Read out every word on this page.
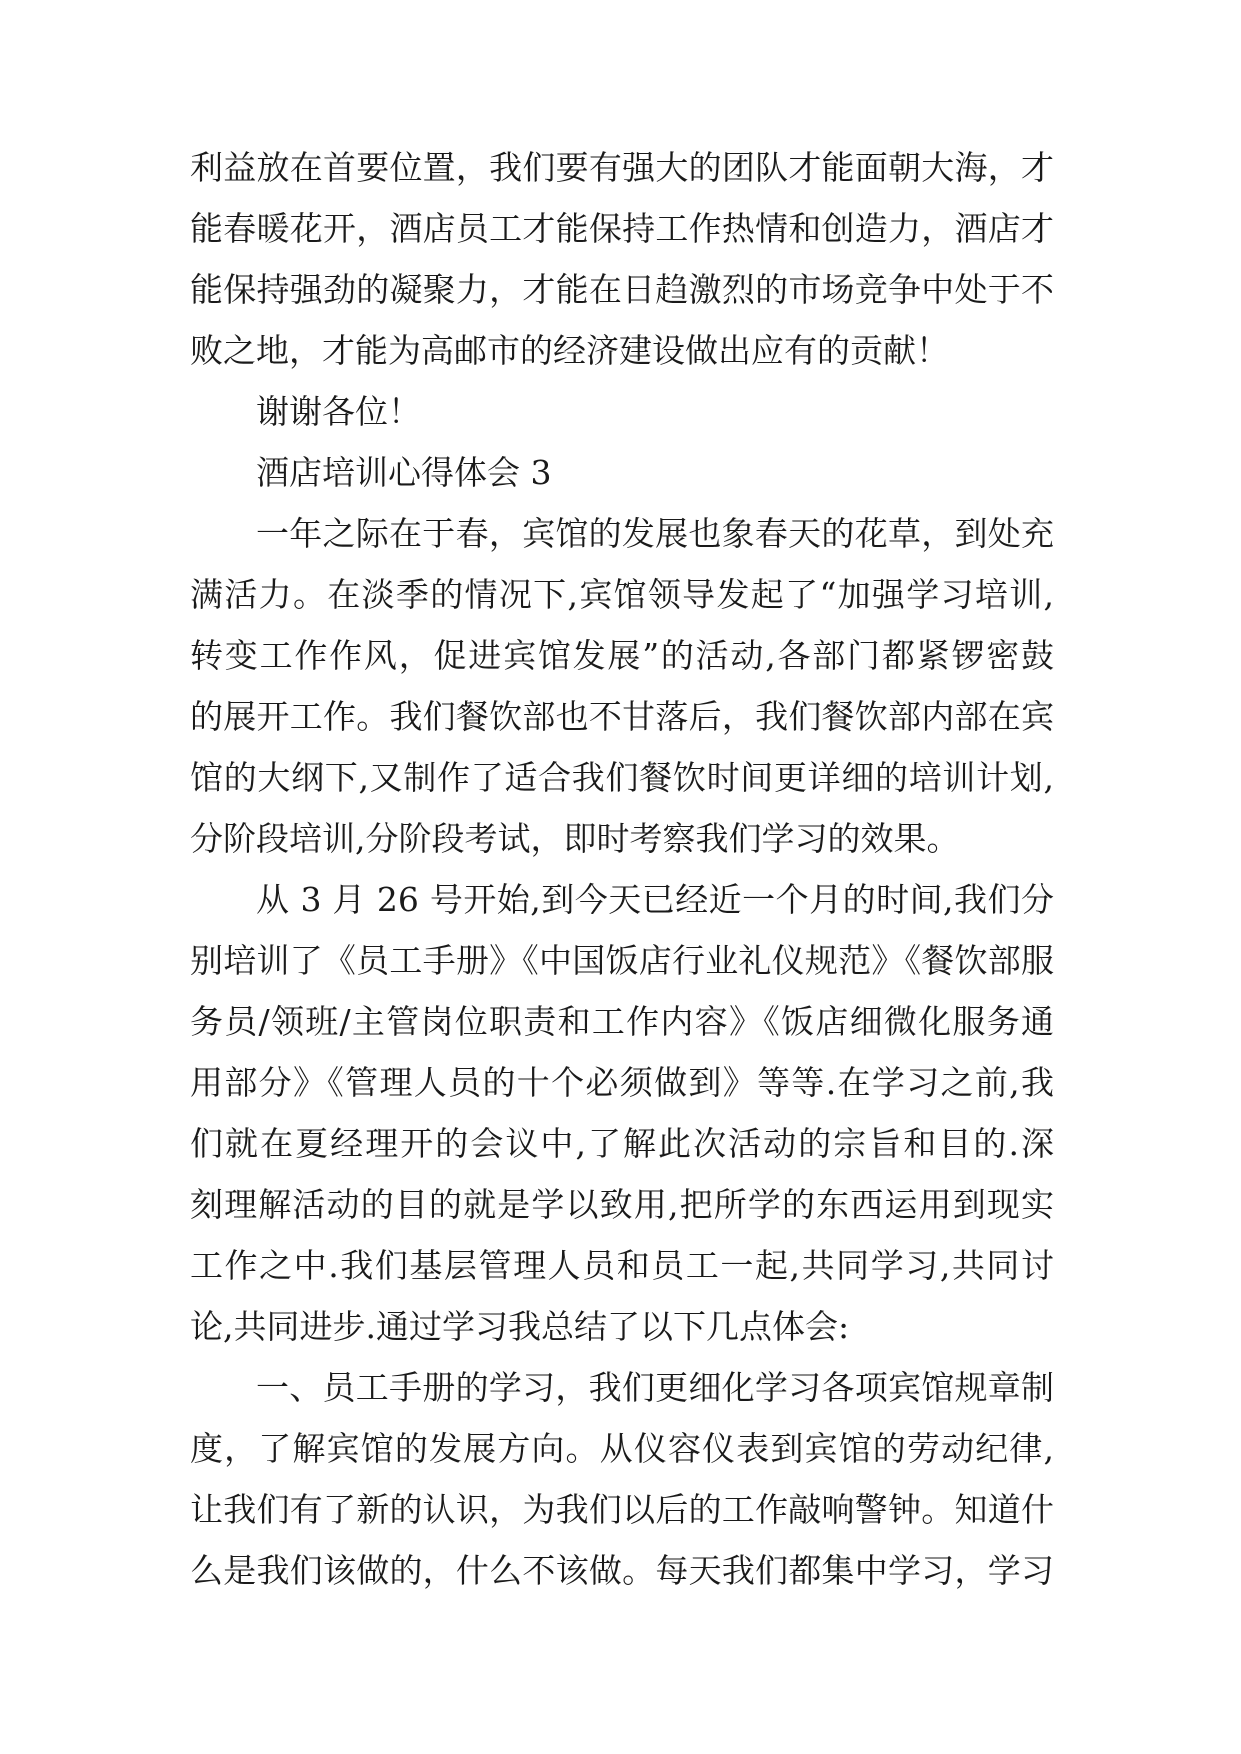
利益放在首要位置，我们要有强大的团队才能面朝大海，才
能春暖花开，酒店员工才能保持工作热情和创造力，酒店才
能保持强劲的凝聚力，才能在日趋激烈的市场竞争中处于不
败之地，才能为高邮市的经济建设做出应有的贡献！
谢谢各位！
酒店培训心得体会 3
一年之际在于春，宾馆的发展也象春天的花草，到处充
满活力。在淡季的情况下,宾馆领导发起了“加强学习培训,
转变工作作风，促进宾馆发展”的活动,各部门都紧锣密鼓
的展开工作。我们餐饮部也不甘落后，我们餐饮部内部在宾
馆的大纲下,又制作了适合我们餐饮时间更详细的培训计划,
分阶段培训,分阶段考试，即时考察我们学习的效果。
从 3 月 26 号开始,到今天已经近一个月的时间,我们分
别培训了《员工手册》《中国饭店行业礼仪规范》《餐饮部服
务员/领班/主管岗位职责和工作内容》《饭店细微化服务通
用部分》《管理人员的十个必须做到》等等.在学习之前,我
们就在夏经理开的会议中,了解此次活动的宗旨和目的.深
刻理解活动的目的就是学以致用,把所学的东西运用到现实
工作之中.我们基层管理人员和员工一起,共同学习,共同讨
论,共同进步.通过学习我总结了以下几点体会:
一、员工手册的学习，我们更细化学习各项宾馆规章制
度，了解宾馆的发展方向。从仪容仪表到宾馆的劳动纪律,
让我们有了新的认识，为我们以后的工作敲响警钟。知道什
么是我们该做的，什么不该做。每天我们都集中学习，学习
